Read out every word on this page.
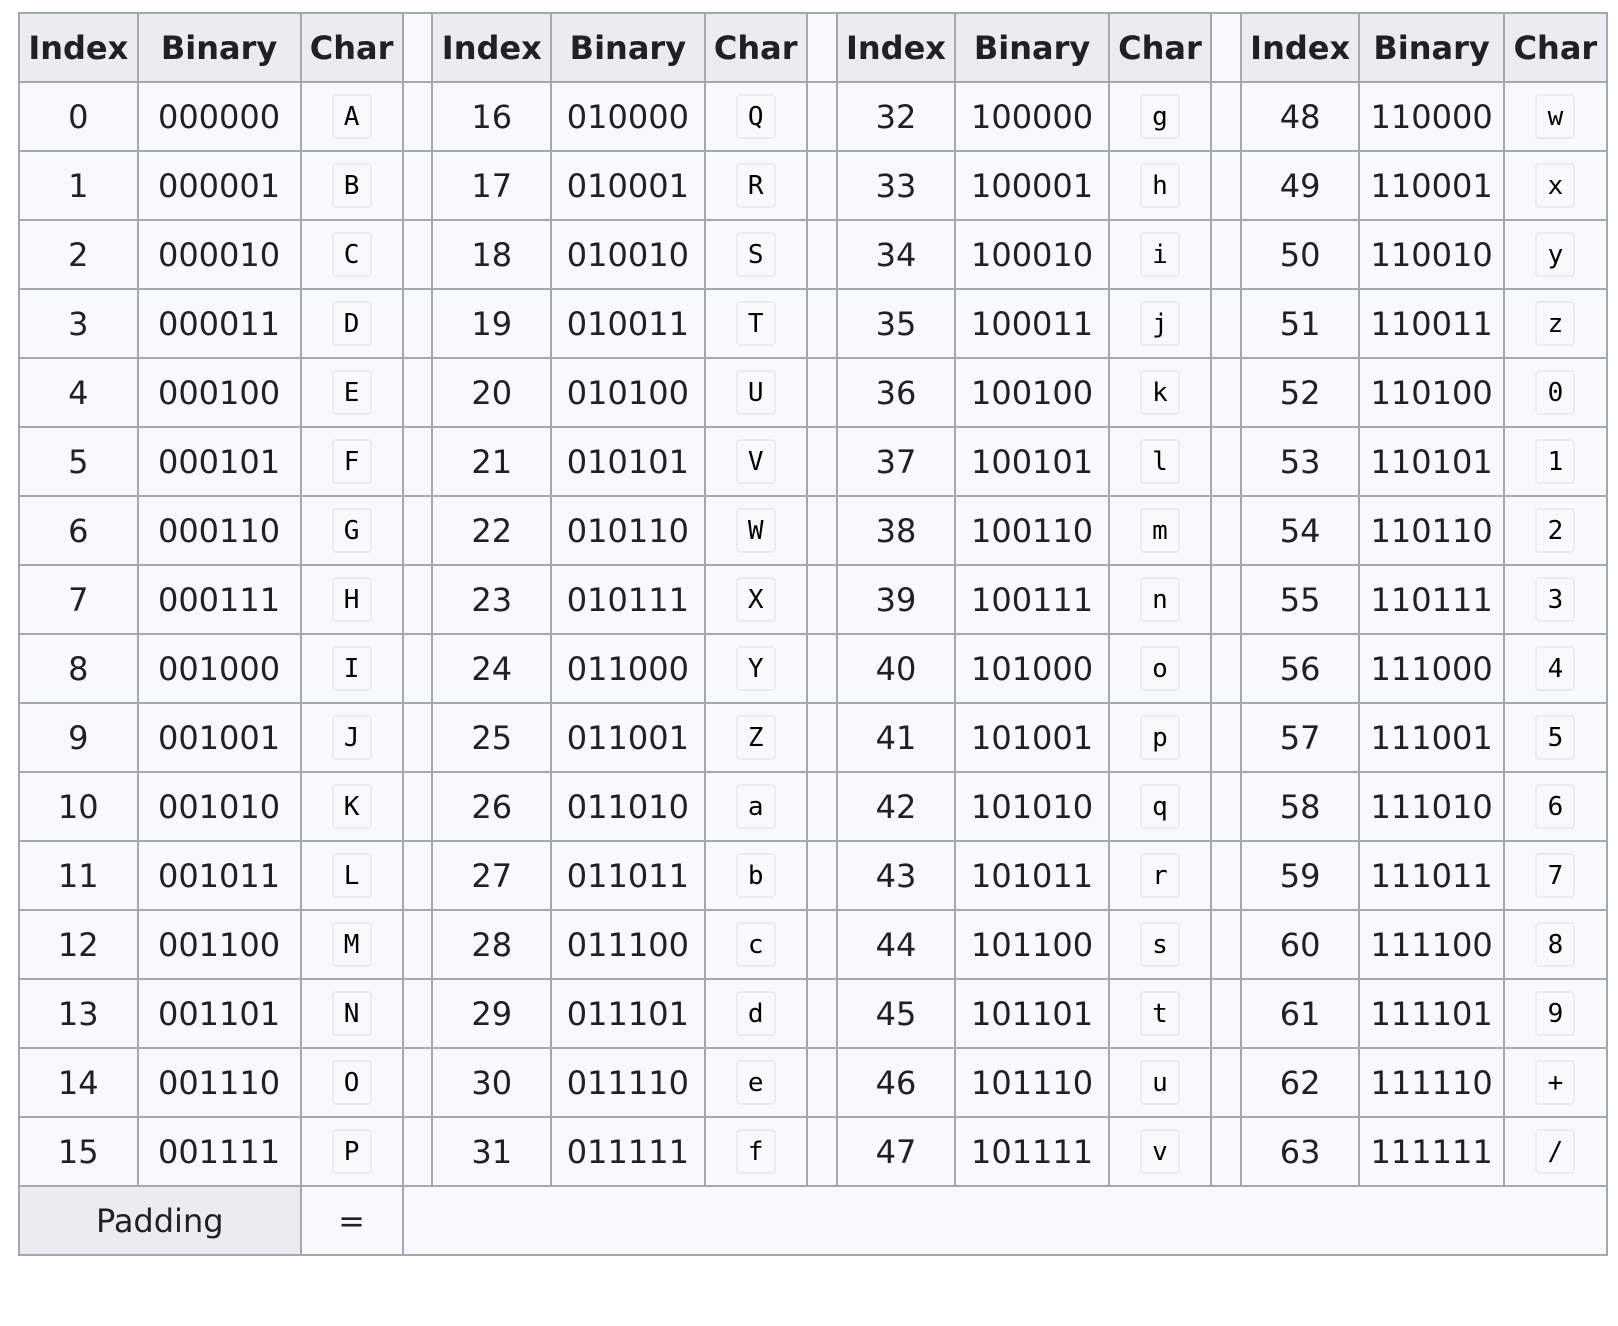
Index	Binary	Char		Index	Binary	Char		Index	Binary	Char		Index	Binary	Char
0	000000	A		16	010000	Q		32	100000	g		48	110000	w
1	000001	B		17	010001	R		33	100001	h		49	110001	x
2	000010	C		18	010010	S		34	100010	i		50	110010	y
3	000011	D		19	010011	T		35	100011	j		51	110011	z
4	000100	E		20	010100	U		36	100100	k		52	110100	0
5	000101	F		21	010101	V		37	100101	l		53	110101	1
6	000110	G		22	010110	W		38	100110	m		54	110110	2
7	000111	H		23	010111	X		39	100111	n		55	110111	3
8	001000	I		24	011000	Y		40	101000	o		56	111000	4
9	001001	J		25	011001	Z		41	101001	p		57	111001	5
10	001010	K		26	011010	a		42	101010	q		58	111010	6
11	001011	L		27	011011	b		43	101011	r		59	111011	7
12	001100	M		28	011100	c		44	101100	s		60	111100	8
13	001101	N		29	011101	d		45	101101	t		61	111101	9
14	001110	O		30	011110	e		46	101110	u		62	111110	+
15	001111	P		31	011111	f		47	101111	v		63	111111	/
Padding		=												
